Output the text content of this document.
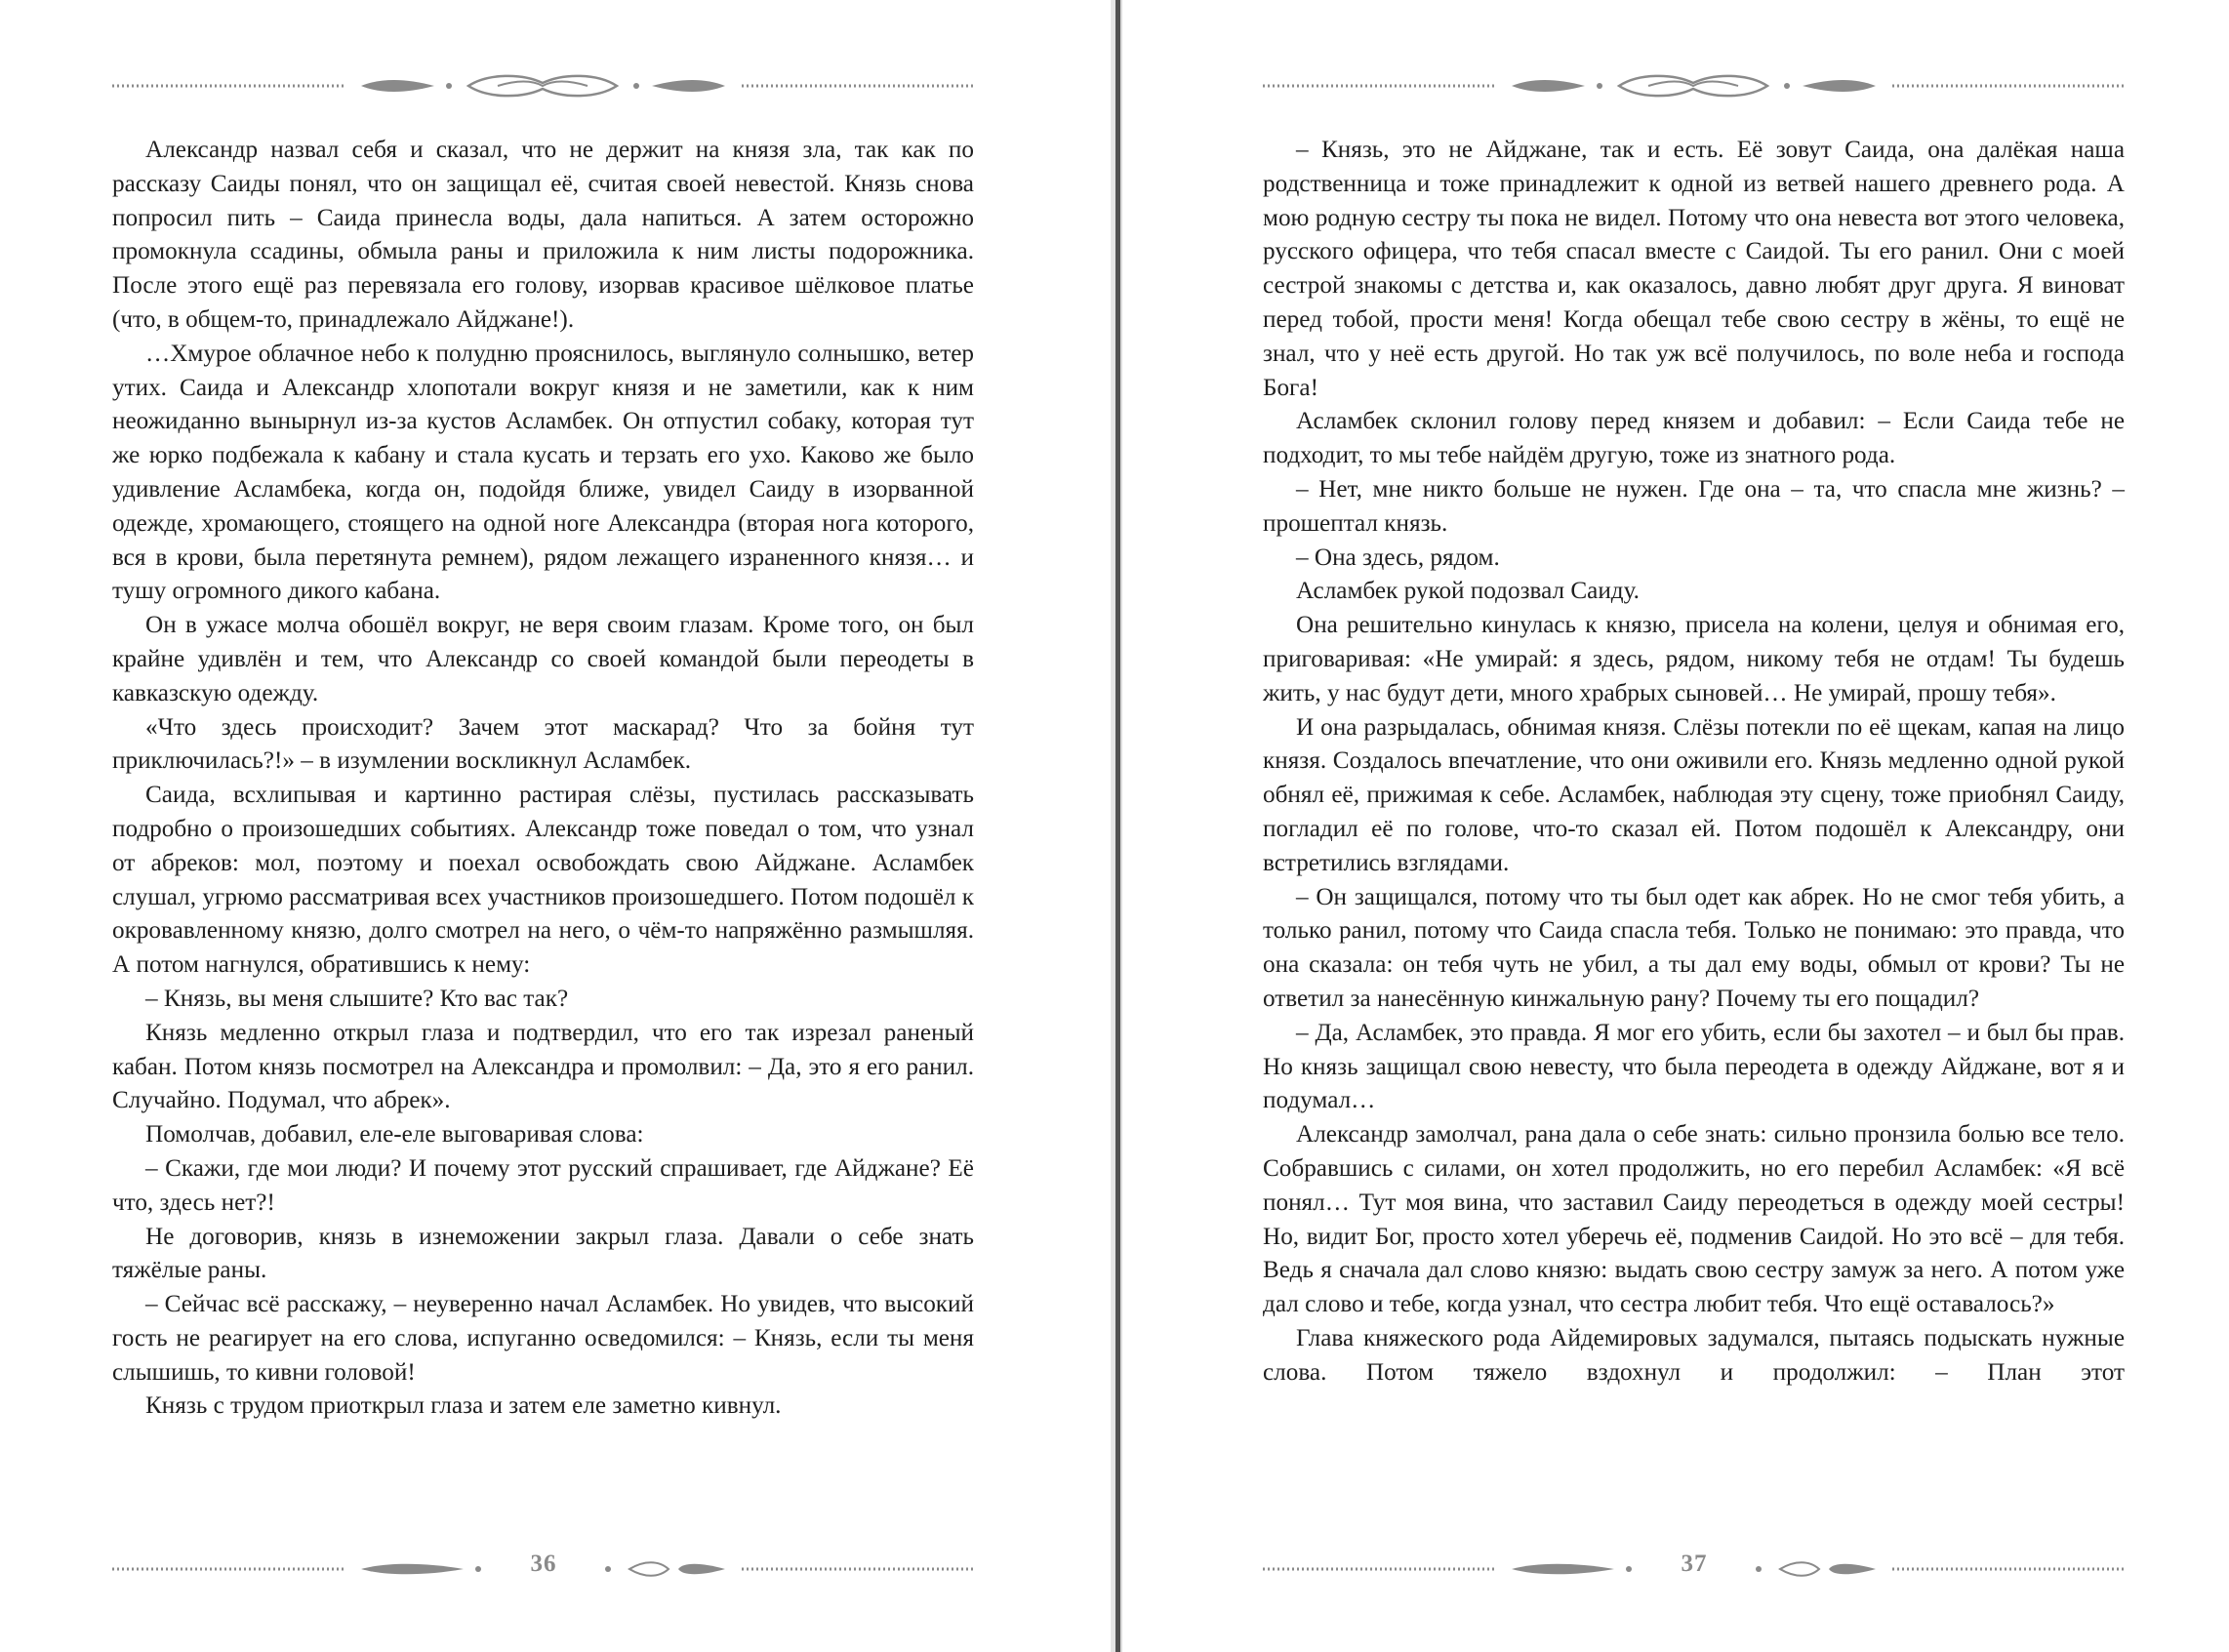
Александр назвал себя и сказал, что не держит на князя зла, так как по рассказу Саиды понял, что он защищал её, считая своей невестой. Князь снова попросил пить – Саида принесла воды, дала напиться. А затем осторожно промокнула ссадины, обмыла раны и приложила к ним листы подорожника. После этого ещё раз перевязала его голову, изорвав красивое шёлковое платье (что, в общем-то, принадлежало Айджане!).

…Хмурое облачное небо к полудню прояснилось, выглянуло солнышко, ветер утих. Саида и Александр хлопотали вокруг князя и не заметили, как к ним неожиданно вынырнул из-за кустов Асламбек. Он отпустил собаку, которая тут же юрко подбежала к кабану и стала кусать и терзать его ухо. Каково же было удивление Асламбека, когда он, подойдя ближе, увидел Саиду в изорванной одежде, хромающего, стоящего на одной ноге Александра (вторая нога которого, вся в крови, была перетянута ремнем), рядом лежащего израненного князя… и тушу огромного дикого кабана.

Он в ужасе молча обошёл вокруг, не веря своим глазам. Кроме того, он был крайне удивлён и тем, что Александр со своей командой были переодеты в кавказскую одежду.

«Что здесь происходит? Зачем этот маскарад? Что за бойня тут приключилась?!» – в изумлении воскликнул Асламбек.

Саида, всхлипывая и картинно растирая слёзы, пустилась рассказывать подробно о произошедших событиях. Александр тоже поведал о том, что узнал от абреков: мол, поэтому и поехал освобождать свою Айджане. Асламбек слушал, угрюмо рассматривая всех участников произошедшего. Потом подошёл к окровавленному князю, долго смотрел на него, о чём-то напряжённо размышляя. А потом нагнулся, обратившись к нему:

– Князь, вы меня слышите? Кто вас так?

Князь медленно открыл глаза и подтвердил, что его так изрезал раненый кабан. Потом князь посмотрел на Александра и промолвил: – Да, это я его ранил. Случайно. Подумал, что абрек».

Помолчав, добавил, еле-еле выговаривая слова:

– Скажи, где мои люди? И почему этот русский спрашивает, где Айджане? Её что, здесь нет?!

Не договорив, князь в изнеможении закрыл глаза. Давали о себе знать тяжёлые раны.

– Сейчас всё расскажу, – неуверенно начал Асламбек. Но увидев, что высокий гость не реагирует на его слова, испуганно осведомился: – Князь, если ты меня слышишь, то кивни головой!

Князь с трудом приоткрыл глаза и затем еле заметно кивнул.

36

– Князь, это не Айджане, так и есть. Её зовут Саида, она далёкая наша родственница и тоже принадлежит к одной из ветвей нашего древнего рода. А мою родную сестру ты пока не видел. Потому что она невеста вот этого человека, русского офицера, что тебя спасал вместе с Саидой. Ты его ранил. Они с моей сестрой знакомы с детства и, как оказалось, давно любят друг друга. Я виноват перед тобой, прости меня! Когда обещал тебе свою сестру в жёны, то ещё не знал, что у неё есть другой. Но так уж всё получилось, по воле неба и господа Бога!

Асламбек склонил голову перед князем и добавил: – Если Саида тебе не подходит, то мы тебе найдём другую, тоже из знатного рода.

– Нет, мне никто больше не нужен. Где она – та, что спасла мне жизнь? – прошептал князь.

– Она здесь, рядом.

Асламбек рукой подозвал Саиду.

Она решительно кинулась к князю, присела на колени, целуя и обнимая его, приговаривая: «Не умирай: я здесь, рядом, никому тебя не отдам! Ты будешь жить, у нас будут дети, много храбрых сыновей… Не умирай, прошу тебя».

И она разрыдалась, обнимая князя. Слёзы потекли по её щекам, капая на лицо князя. Создалось впечатление, что они оживили его. Князь медленно одной рукой обнял её, прижимая к себе. Асламбек, наблюдая эту сцену, тоже приобнял Саиду, погладил её по голове, что-то сказал ей. Потом подошёл к Александру, они встретились взглядами.

– Он защищался, потому что ты был одет как абрек. Но не смог тебя убить, а только ранил, потому что Саида спасла тебя. Только не понимаю: это правда, что она сказала: он тебя чуть не убил, а ты дал ему воды, обмыл от крови? Ты не ответил за нанесённую кинжальную рану? Почему ты его пощадил?

– Да, Асламбек, это правда. Я мог его убить, если бы захотел – и был бы прав. Но князь защищал свою невесту, что была переодета в одежду Айджане, вот я и подумал…

Александр замолчал, рана дала о себе знать: сильно пронзила болью все тело. Собравшись с силами, он хотел продолжить, но его перебил Асламбек: «Я всё понял… Тут моя вина, что заставил Саиду переодеться в одежду моей сестры! Но, видит Бог, просто хотел уберечь её, подменив Саидой. Но это всё – для тебя. Ведь я сначала дал слово князю: выдать свою сестру замуж за него. А потом уже дал слово и тебе, когда узнал, что сестра любит тебя. Что ещё оставалось?»

Глава княжеского рода Айдемировых задумался, пытаясь подыскать нужные слова. Потом тяжело вздохнул и продолжил: – План этот

37
